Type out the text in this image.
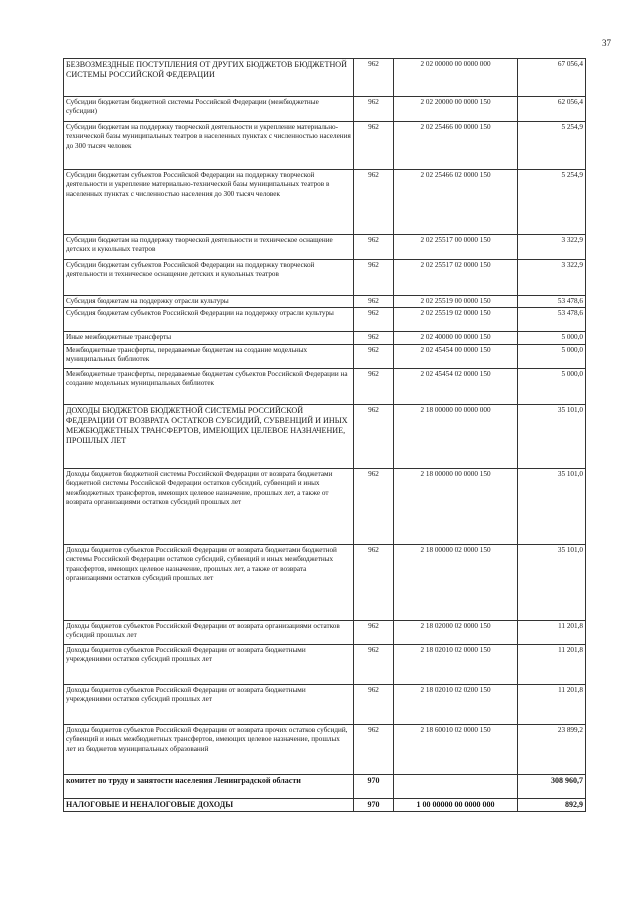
37
БЕЗВОЗМЕЗДНЫЕ ПОСТУПЛЕНИЯ ОТ ДРУГИХ БЮДЖЕТОВ БЮДЖЕТНОЙ СИСТЕМЫ РОССИЙСКОЙ ФЕДЕРАЦИИ	962	2 02 00000 00 0000 000	67 056,4
Субсидии бюджетам бюджетной системы Российской Федерации (межбюджетные субсидии)	962	2 02 20000 00 0000 150	62 056,4
Субсидии бюджетам на поддержку творческой деятельности и укрепление материально-технической базы муниципальных театров в населенных пунктах с численностью населения до 300 тысяч человек	962	2 02 25466 00 0000 150	5 254,9
Субсидии бюджетам субъектов Российской Федерации на поддержку творческой деятельности и укрепление материально-технической базы муниципальных театров в населенных пунктах с численностью населения до 300 тысяч человек	962	2 02 25466 02 0000 150	5 254,9
Субсидии бюджетам на поддержку творческой деятельности и техническое оснащение детских и кукольных театров	962	2 02 25517 00 0000 150	3 322,9
Субсидии бюджетам субъектов Российской Федерации на поддержку творческой деятельности и техническое оснащение детских и кукольных театров	962	2 02 25517 02 0000 150	3 322,9
Субсидия бюджетам на поддержку отрасли культуры	962	2 02 25519 00 0000 150	53 478,6
Субсидия бюджетам субъектов Российской Федерации на поддержку отрасли культуры	962	2 02 25519 02 0000 150	53 478,6
Иные межбюджетные трансферты	962	2 02 40000 00 0000 150	5 000,0
Межбюджетные трансферты, передаваемые бюджетам на создание модельных муниципальных библиотек	962	2 02 45454 00 0000 150	5 000,0
Межбюджетные трансферты, передаваемые бюджетам субъектов Российской Федерации на создание модельных муниципальных библиотек	962	2 02 45454 02 0000 150	5 000,0
ДОХОДЫ БЮДЖЕТОВ БЮДЖЕТНОЙ СИСТЕМЫ РОССИЙСКОЙ ФЕДЕРАЦИИ ОТ ВОЗВРАТА ОСТАТКОВ СУБСИДИЙ, СУБВЕНЦИЙ И ИНЫХ МЕЖБЮДЖЕТНЫХ ТРАНСФЕРТОВ, ИМЕЮЩИХ ЦЕЛЕВОЕ НАЗНАЧЕНИЕ, ПРОШЛЫХ ЛЕТ	962	2 18 00000 00 0000 000	35 101,0
Доходы бюджетов бюджетной системы Российской Федерации от возврата бюджетами бюджетной системы Российской Федерации остатков субсидий, субвенций и иных межбюджетных трансфертов, имеющих целевое назначение, прошлых лет, а также от возврата организациями остатков субсидий прошлых лет	962	2 18 00000 00 0000 150	35 101,0
Доходы бюджетов субъектов Российской Федерации от возврата бюджетами бюджетной системы Российской Федерации остатков субсидий, субвенций и иных межбюджетных трансфертов, имеющих целевое назначение, прошлых лет, а также от возврата организациями остатков субсидий прошлых лет	962	2 18 00000 02 0000 150	35 101,0
Доходы бюджетов субъектов Российской Федерации от возврата организациями остатков субсидий прошлых лет	962	2 18 02000 02 0000 150	11 201,8
Доходы бюджетов субъектов Российской Федерации от возврата бюджетными учреждениями остатков субсидий прошлых лет	962	2 18 02010 02 0000 150	11 201,8
Доходы бюджетов субъектов Российской Федерации от возврата бюджетными учреждениями остатков субсидий прошлых лет	962	2 18 02010 02 0200 150	11 201,8
Доходы бюджетов субъектов Российской Федерации от возврата прочих остатков субсидий, субвенций и иных межбюджетных трансфертов, имеющих целевое назначение, прошлых лет из бюджетов муниципальных образований	962	2 18 60010 02 0000 150	23 899,2
комитет по труду и занятости населения Ленинградской области	970		308 960,7
НАЛОГОВЫЕ И НЕНАЛОГОВЫЕ ДОХОДЫ	970	1 00 00000 00 0000 000	892,9
